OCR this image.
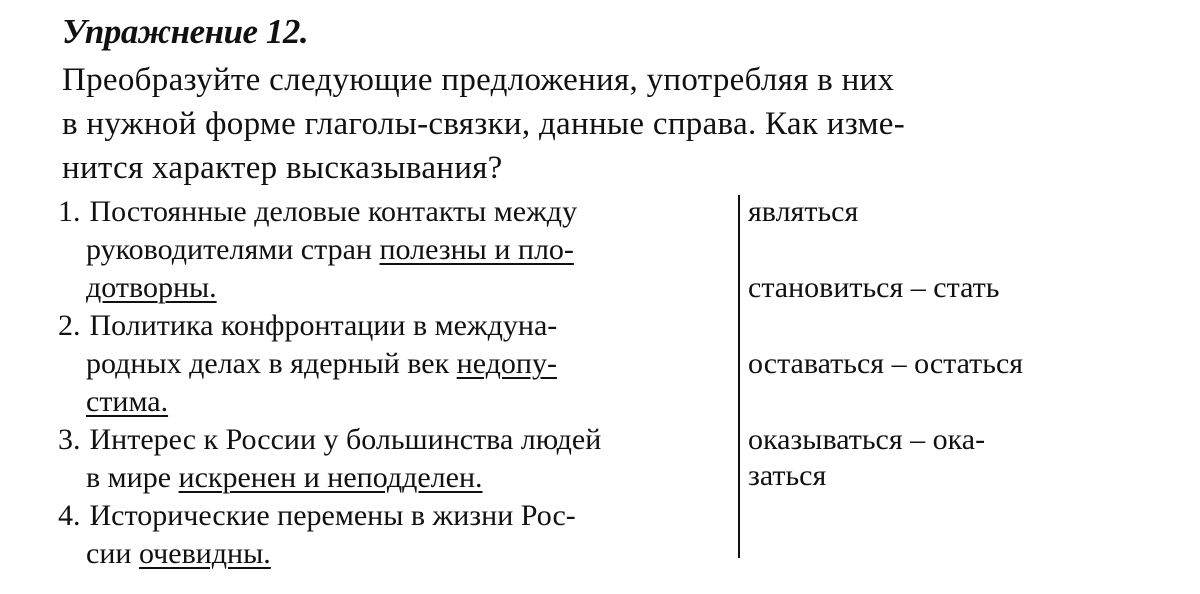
Упражнение 12.
Преобразуйте следующие предложения, употребляя в них
в нужной форме глаголы-связки, данные справа. Как изме-
нится характер высказывания?
1. Постоянные деловые контакты между
руководителями стран полезны и пло-
дотворны.
2. Политика конфронтации в междуна-
родных делах в ядерный век недопу-
стима.
3. Интерес к России у большинства людей
в мире искренен и неподделен.
4. Исторические перемены в жизни Рос-
сии очевидны.
являться
становиться – стать
оставаться – остаться
оказываться – ока-
заться
